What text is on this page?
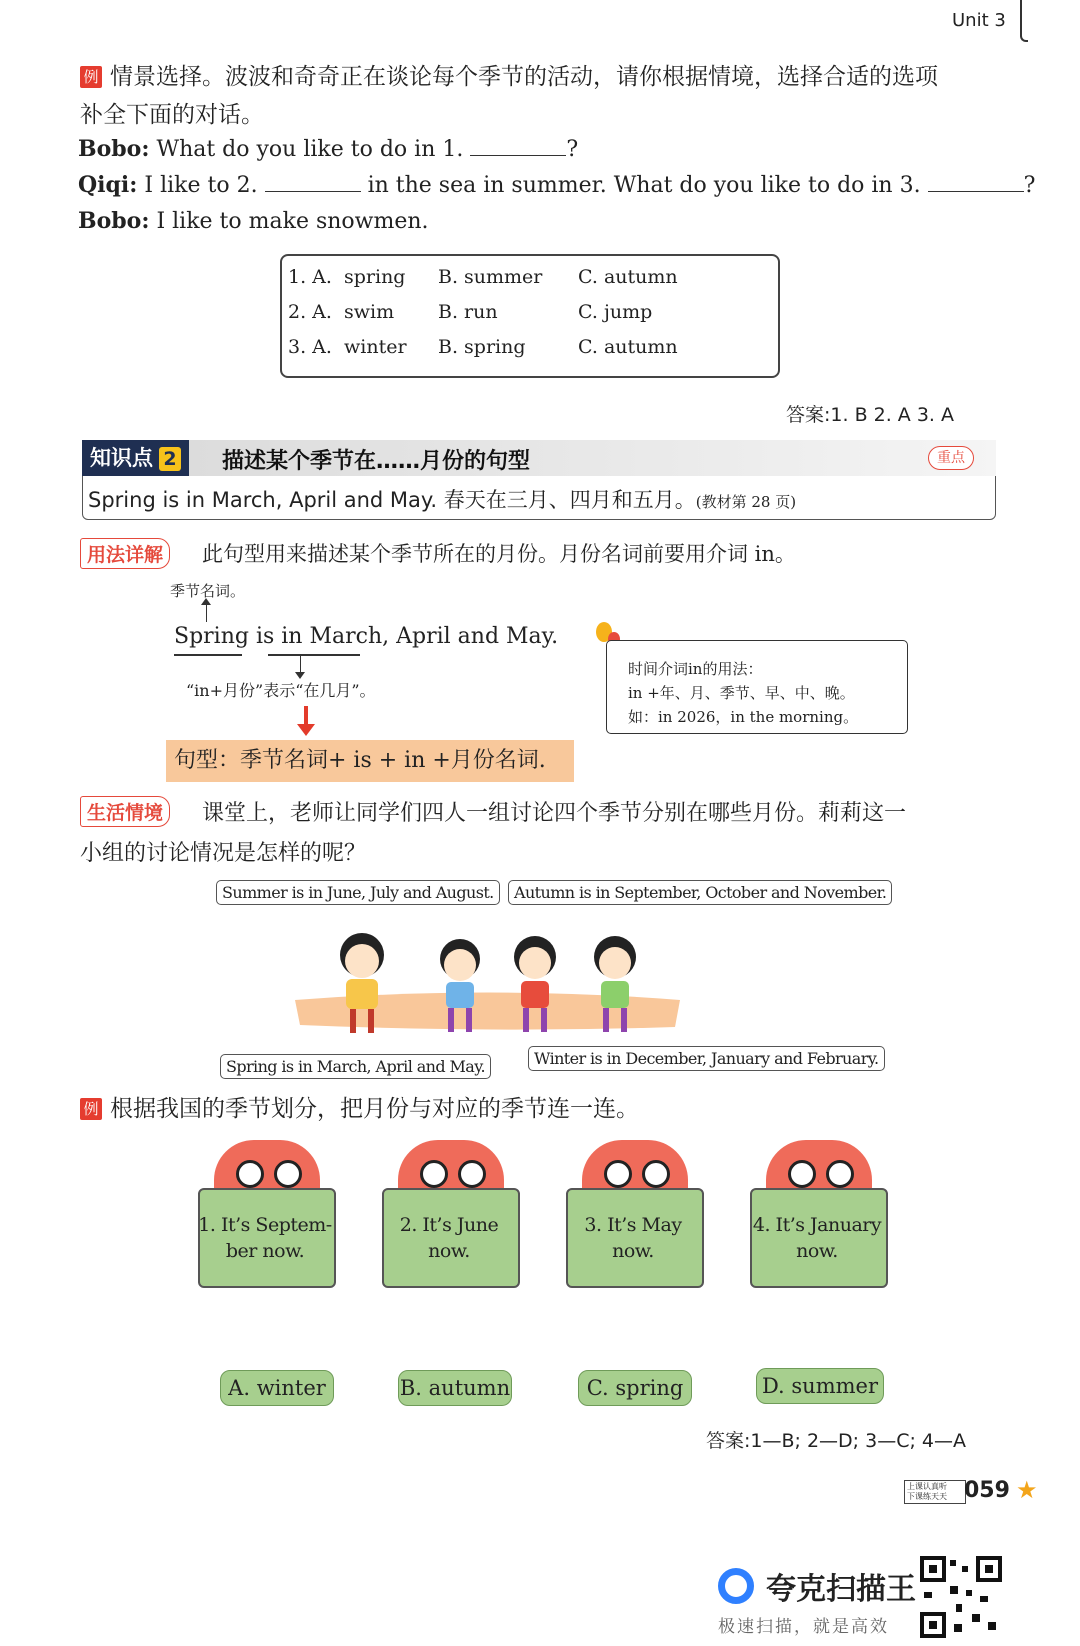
Unit 3
例 情景选择。波波和奇奇正在谈论每个季节的活动，请你根据情境，选择合适的选项
补全下面的对话。
Bobo: What do you like to do in 1.	?
Qiqi: I like to 2.	in the sea in summer. What do you like to do in 3.	?
Bobo: I like to make snowmen.
1. A. spring B. summer C. autumn
2. A. swim B. run	C. jump
3. A. winter B. spring	C. autumn
答案:1. B 2. A 3. A
知识点 2	描述某个季节在……月份的句型	重点
Spring is in March, April and May. 春天在三月、四月和五月。(教材第 28 页)
用法详解	此句型用来描述某个季节所在的月份。月份名词前要用介词 in。
季节名词。
Spring is in March, April and May.
“in+月份”表示“在几月”。
句型：季节名词+ is + in +月份名词.
时间介词in的用法：
in +年、月、季节、早、中、晚。
如：in 2026，in the morning。
生活情境	课堂上，老师让同学们四人一组讨论四个季节分别在哪些月份。莉莉这一
小组的讨论情况是怎样的呢？
Summer is in June, July and August.	Autumn is in September, October and November.
Spring is in March, April and May.	Winter is in December, January and February.
例 根据我国的季节划分，把月份与对应的季节连一连。
1. It’s Septem-
ber now.
2. It’s June
now.
3. It’s May
now.
4. It’s January
now.
A. winter	B. autumn	C. spring	D. summer
答案:1—B; 2—D; 3—C; 4—A
上课认真听
下课练天天 059 ★
夸克扫描王
极速扫描，就是高效
